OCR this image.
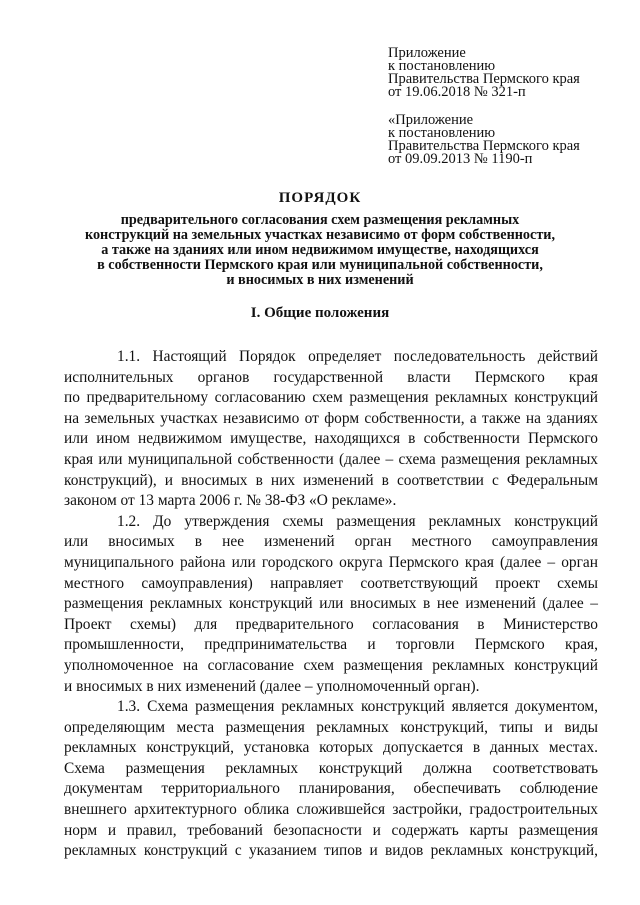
Приложение
к постановлению
Правительства Пермского края
от 19.06.2018 № 321-п
«Приложение
к постановлению
Правительства Пермского края
от 09.09.2013 № 1190-п
ПОРЯДОК
предварительного согласования схем размещения рекламных
конструкций на земельных участках независимо от форм собственности,
а также на зданиях или ином недвижимом имуществе, находящихся
в собственности Пермского края или муниципальной собственности,
и вносимых в них изменений
I. Общие положения
1.1. Настоящий Порядок определяет последовательность действий
исполнительных органов государственной власти Пермского края
по предварительному согласованию схем размещения рекламных конструкций
на земельных участках независимо от форм собственности, а также на зданиях
или ином недвижимом имуществе, находящихся в собственности Пермского
края или муниципальной собственности (далее – схема размещения рекламных
конструкций), и вносимых в них изменений в соответствии с Федеральным
законом от 13 марта 2006 г. № 38-ФЗ «О рекламе».
1.2. До утверждения схемы размещения рекламных конструкций
или вносимых в нее изменений орган местного самоуправления
муниципального района или городского округа Пермского края (далее – орган
местного самоуправления) направляет соответствующий проект схемы
размещения рекламных конструкций или вносимых в нее изменений (далее –
Проект схемы) для предварительного согласования в Министерство
промышленности, предпринимательства и торговли Пермского края,
уполномоченное на согласование схем размещения рекламных конструкций
и вносимых в них изменений (далее – уполномоченный орган).
1.3. Схема размещения рекламных конструкций является документом,
определяющим места размещения рекламных конструкций, типы и виды
рекламных конструкций, установка которых допускается в данных местах.
Схема размещения рекламных конструкций должна соответствовать
документам территориального планирования, обеспечивать соблюдение
внешнего архитектурного облика сложившейся застройки, градостроительных
норм и правил, требований безопасности и содержать карты размещения
рекламных конструкций с указанием типов и видов рекламных конструкций,
